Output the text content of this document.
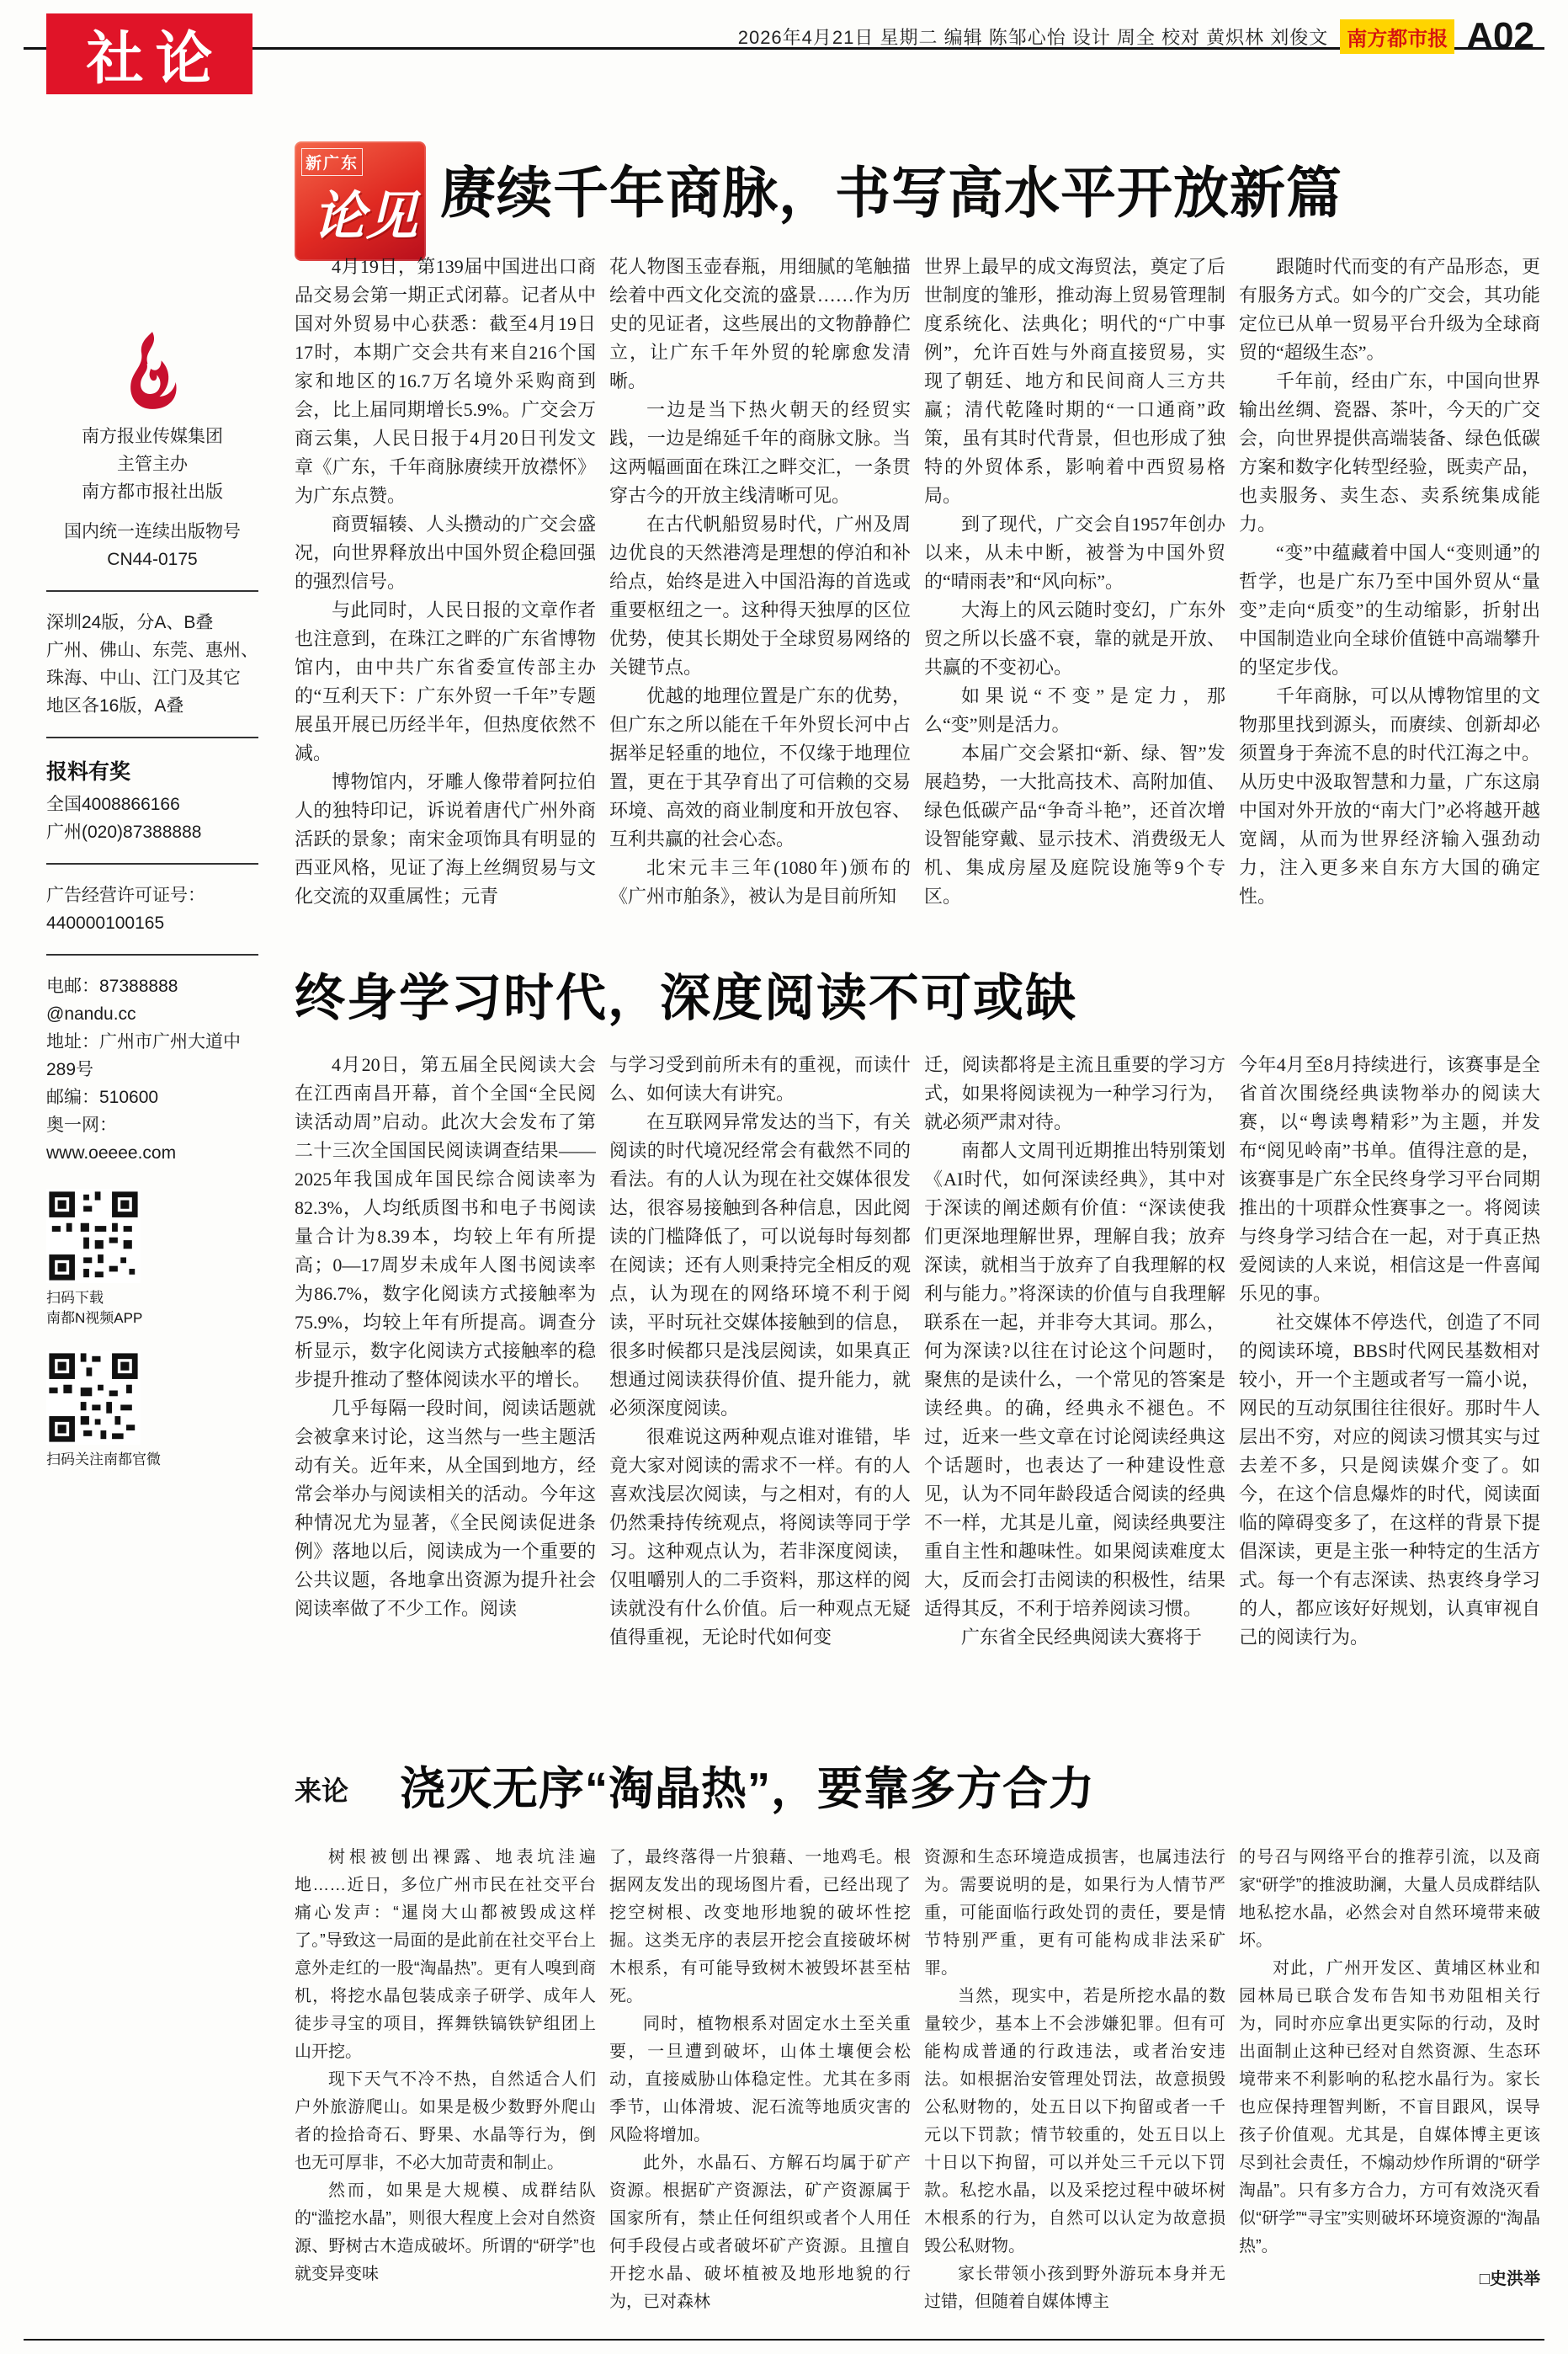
社论	2026年4月21日 星期二 编辑 陈邹心怡 设计 周全 校对 黄炽林 刘俊文 南方都市报 A02
南方报业传媒集团
主管主办
南方都市报社出版
国内统一连续出版物号
CN44-0175
深圳24版，分A、B叠
广州、佛山、东莞、惠州、
珠海、中山、江门及其它
地区各16版，A叠
报料有奖
全国4008866166
广州(020)87388888
广告经营许可证号：
440000100165
电邮：87388888
@nandu.cc
地址：广州市广州大道中
289号
邮编：510600
奥一网：
www.oeeee.com
扫码下载
南都N视频APP
扫码关注南都官微
新广东
论见 赓续千年商脉，书写高水平开放新篇

4月19日，第139届中国进出口商品交易会第一期正式闭幕。记者从中国对外贸易中心获悉：截至4月19日17时，本期广交会共有来自216个国家和地区的16.7万名境外采购商到会，比上届同期增长5.9%。广交会万商云集，人民日报于4月20日刊发文章《广东，千年商脉赓续开放襟怀》为广东点赞。

商贾辐辏、人头攒动的广交会盛况，向世界释放出中国外贸企稳回强的强烈信号。

与此同时，人民日报的文章作者也注意到，在珠江之畔的广东省博物馆内，由中共广东省委宣传部主办的“互利天下：广东外贸一千年”专题展虽开展已历经半年，但热度依然不减。

博物馆内，牙雕人像带着阿拉伯人的独特印记，诉说着唐代广州外商活跃的景象；南宋金项饰具有明显的西亚风格，见证了海上丝绸贸易与文化交流的双重属性；元青

花人物图玉壶春瓶，用细腻的笔触描绘着中西文化交流的盛景……作为历史的见证者，这些展出的文物静静伫立，让广东千年外贸的轮廓愈发清晰。

一边是当下热火朝天的经贸实践，一边是绵延千年的商脉文脉。当这两幅画面在珠江之畔交汇，一条贯穿古今的开放主线清晰可见。

在古代帆船贸易时代，广州及周边优良的天然港湾是理想的停泊和补给点，始终是进入中国沿海的首选或重要枢纽之一。这种得天独厚的区位优势，使其长期处于全球贸易网络的关键节点。

优越的地理位置是广东的优势，但广东之所以能在千年外贸长河中占据举足轻重的地位，不仅缘于地理位置，更在于其孕育出了可信赖的交易环境、高效的商业制度和开放包容、互利共赢的社会心态。

北宋元丰三年(1080年)颁布的《广州市舶条》，被认为是目前所知

世界上最早的成文海贸法，奠定了后世制度的雏形，推动海上贸易管理制度系统化、法典化；明代的“广中事例”，允许百姓与外商直接贸易，实现了朝廷、地方和民间商人三方共赢；清代乾隆时期的“一口通商”政策，虽有其时代背景，但也形成了独特的外贸体系，影响着中西贸易格局。

到了现代，广交会自1957年创办以来，从未中断，被誉为中国外贸的“晴雨表”和“风向标”。

大海上的风云随时变幻，广东外贸之所以长盛不衰，靠的就是开放、共赢的不变初心。

如果说“不变”是定力，那么“变”则是活力。

本届广交会紧扣“新、绿、智”发展趋势，一大批高技术、高附加值、绿色低碳产品“争奇斗艳”，还首次增设智能穿戴、显示技术、消费级无人机、集成房屋及庭院设施等9个专区。

跟随时代而变的有产品形态，更有服务方式。如今的广交会，其功能定位已从单一贸易平台升级为全球商贸的“超级生态”。

千年前，经由广东，中国向世界输出丝绸、瓷器、茶叶，今天的广交会，向世界提供高端装备、绿色低碳方案和数字化转型经验，既卖产品，也卖服务、卖生态、卖系统集成能力。

“变”中蕴藏着中国人“变则通”的哲学，也是广东乃至中国外贸从“量变”走向“质变”的生动缩影，折射出中国制造业向全球价值链中高端攀升的坚定步伐。

千年商脉，可以从博物馆里的文物那里找到源头，而赓续、创新却必须置身于奔流不息的时代江海之中。从历史中汲取智慧和力量，广东这扇中国对外开放的“南大门”必将越开越宽阔，从而为世界经济输入强劲动力，注入更多来自东方大国的确定性。

终身学习时代，深度阅读不可或缺

4月20日，第五届全民阅读大会在江西南昌开幕，首个全国“全民阅读活动周”启动。此次大会发布了第二十三次全国国民阅读调查结果——2025年我国成年国民综合阅读率为82.3%，人均纸质图书和电子书阅读量合计为8.39本，均较上年有所提高；0—17周岁未成年人图书阅读率为86.7%，数字化阅读方式接触率为75.9%，均较上年有所提高。调查分析显示，数字化阅读方式接触率的稳步提升推动了整体阅读水平的增长。

几乎每隔一段时间，阅读话题就会被拿来讨论，这当然与一些主题活动有关。近年来，从全国到地方，经常会举办与阅读相关的活动。今年这种情况尤为显著，《全民阅读促进条例》落地以后，阅读成为一个重要的公共议题，各地拿出资源为提升社会阅读率做了不少工作。阅读

与学习受到前所未有的重视，而读什么、如何读大有讲究。

在互联网异常发达的当下，有关阅读的时代境况经常会有截然不同的看法。有的人认为现在社交媒体很发达，很容易接触到各种信息，因此阅读的门槛降低了，可以说每时每刻都在阅读；还有人则秉持完全相反的观点，认为现在的网络环境不利于阅读，平时玩社交媒体接触到的信息，很多时候都只是浅层阅读，如果真正想通过阅读获得价值、提升能力，就必须深度阅读。

很难说这两种观点谁对谁错，毕竟大家对阅读的需求不一样。有的人喜欢浅层次阅读，与之相对，有的人仍然秉持传统观点，将阅读等同于学习。这种观点认为，若非深度阅读，仅咀嚼别人的二手资料，那这样的阅读就没有什么价值。后一种观点无疑值得重视，无论时代如何变

迁，阅读都将是主流且重要的学习方式，如果将阅读视为一种学习行为，就必须严肃对待。

南都人文周刊近期推出特别策划《AI时代，如何深读经典》，其中对于深读的阐述颇有价值：“深读使我们更深地理解世界，理解自我；放弃深读，就相当于放弃了自我理解的权利与能力。”将深读的价值与自我理解联系在一起，并非夸大其词。那么，何为深读?以往在讨论这个问题时，聚焦的是读什么，一个常见的答案是读经典。的确，经典永不褪色。不过，近来一些文章在讨论阅读经典这个话题时，也表达了一种建设性意见，认为不同年龄段适合阅读的经典不一样，尤其是儿童，阅读经典要注重自主性和趣味性。如果阅读难度太大，反而会打击阅读的积极性，结果适得其反，不利于培养阅读习惯。

广东省全民经典阅读大赛将于

今年4月至8月持续进行，该赛事是全省首次围绕经典读物举办的阅读大赛，以“粤读粤精彩”为主题，并发布“阅见岭南”书单。值得注意的是，该赛事是广东全民终身学习平台同期推出的十项群众性赛事之一。将阅读与终身学习结合在一起，对于真正热爱阅读的人来说，相信这是一件喜闻乐见的事。

社交媒体不停迭代，创造了不同的阅读环境，BBS时代网民基数相对较小，开一个主题或者写一篇小说，网民的互动氛围往往很好。那时牛人层出不穷，对应的阅读习惯其实与过去差不多，只是阅读媒介变了。如今，在这个信息爆炸的时代，阅读面临的障碍变多了，在这样的背景下提倡深读，更是主张一种特定的生活方式。每一个有志深读、热衷终身学习的人，都应该好好规划，认真审视自己的阅读行为。

来论 浇灭无序“淘晶热”，要靠多方合力

树根被刨出裸露、地表坑洼遍地……近日，多位广州市民在社交平台痛心发声：“暹岗大山都被毁成这样了。”导致这一局面的是此前在社交平台上意外走红的一股“淘晶热”。更有人嗅到商机，将挖水晶包装成亲子研学、成年人徒步寻宝的项目，挥舞铁镐铁铲组团上山开挖。

现下天气不冷不热，自然适合人们户外旅游爬山。如果是极少数野外爬山者的捡拾奇石、野果、水晶等行为，倒也无可厚非，不必大加苛责和制止。

然而，如果是大规模、成群结队的“滥挖水晶”，则很大程度上会对自然资源、野树古木造成破坏。所谓的“研学”也就变异变味

了，最终落得一片狼藉、一地鸡毛。根据网友发出的现场图片看，已经出现了挖空树根、改变地形地貌的破坏性挖掘。这类无序的表层开挖会直接破坏树木根系，有可能导致树木被毁坏甚至枯死。

同时，植物根系对固定水土至关重要，一旦遭到破坏，山体土壤便会松动，直接威胁山体稳定性。尤其在多雨季节，山体滑坡、泥石流等地质灾害的风险将增加。

此外，水晶石、方解石均属于矿产资源。根据矿产资源法，矿产资源属于国家所有，禁止任何组织或者个人用任何手段侵占或者破坏矿产资源。且擅自开挖水晶、破坏植被及地形地貌的行为，已对森林

资源和生态环境造成损害，也属违法行为。需要说明的是，如果行为人情节严重，可能面临行政处罚的责任，要是情节特别严重，更有可能构成非法采矿罪。

当然，现实中，若是所挖水晶的数量较少，基本上不会涉嫌犯罪。但有可能构成普通的行政违法，或者治安违法。如根据治安管理处罚法，故意损毁公私财物的，处五日以下拘留或者一千元以下罚款；情节较重的，处五日以上十日以下拘留，可以并处三千元以下罚款。私挖水晶，以及采挖过程中破坏树木根系的行为，自然可以认定为故意损毁公私财物。

家长带领小孩到野外游玩本身并无过错，但随着自媒体博主

的号召与网络平台的推荐引流，以及商家“研学”的推波助澜，大量人员成群结队地私挖水晶，必然会对自然环境带来破坏。

对此，广州开发区、黄埔区林业和园林局已联合发布告知书劝阻相关行为，同时亦应拿出更实际的行动，及时出面制止这种已经对自然资源、生态环境带来不利影响的私挖水晶行为。家长也应保持理智判断，不盲目跟风，误导孩子价值观。尤其是，自媒体博主更该尽到社会责任，不煽动炒作所谓的“研学淘晶”。只有多方合力，方可有效浇灭看似“研学”“寻宝”实则破坏环境资源的“淘晶热”。

□史洪举
